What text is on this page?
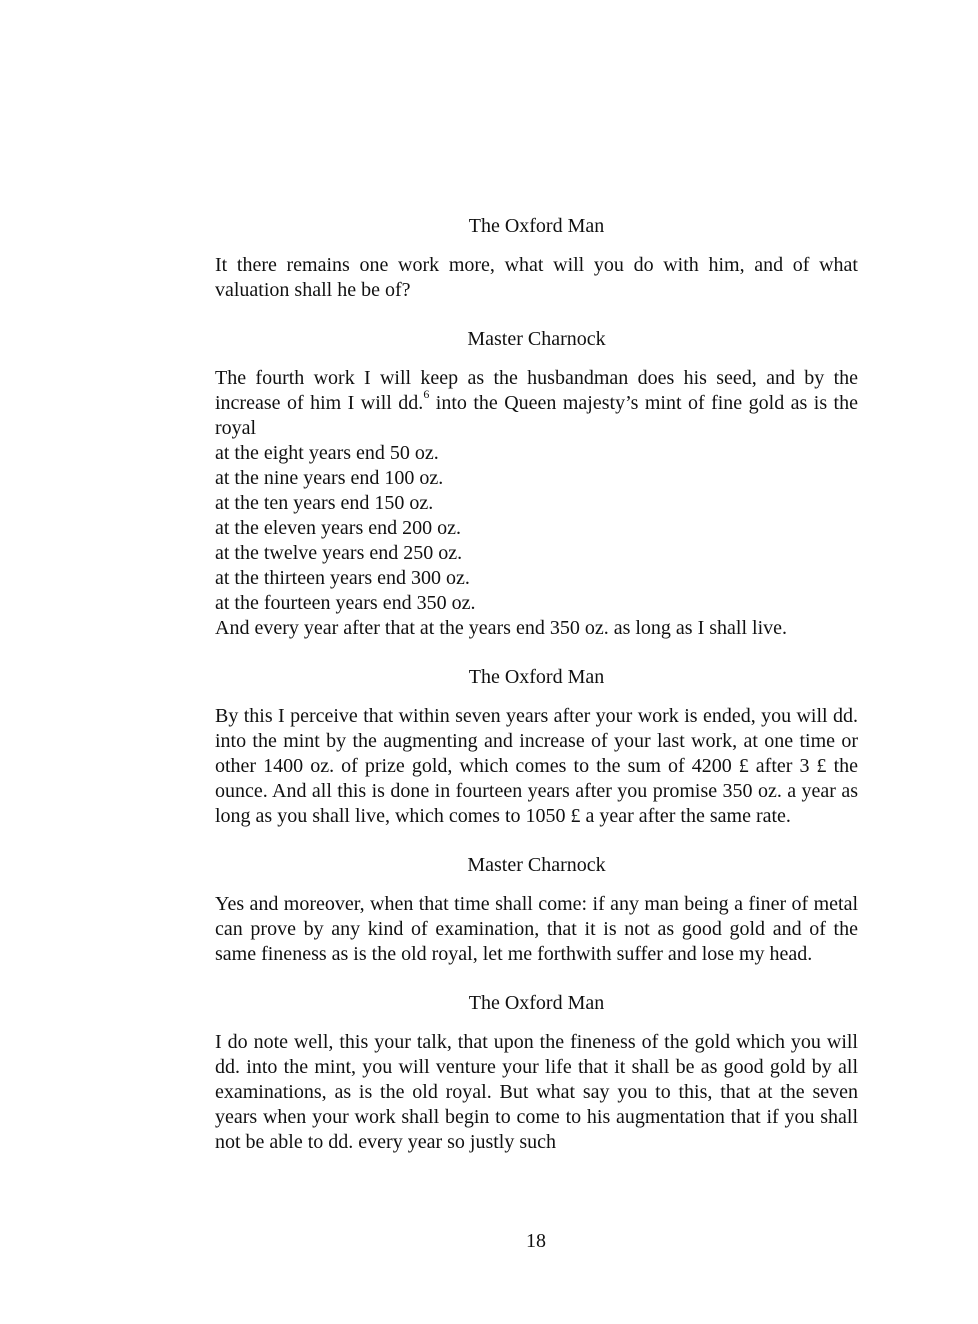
The Oxford Man
It there remains one work more, what will you do with him, and of what valuation shall he be of?
Master Charnock
The fourth work I will keep as the husbandman does his seed, and by the increase of him I will dd.$^6$ into the Queen majesty’s mint of fine gold as is the royal
at the eight years end 50 oz.
at the nine years end 100 oz.
at the ten years end 150 oz.
at the eleven years end 200 oz.
at the twelve years end 250 oz.
at the thirteen years end 300 oz.
at the fourteen years end 350 oz.
And every year after that at the years end 350 oz. as long as I shall live.
The Oxford Man
By this I perceive that within seven years after your work is ended, you will dd. into the mint by the augmenting and increase of your last work, at one time or other 1400 oz. of prize gold, which comes to the sum of 4200 £ after 3 £ the ounce. And all this is done in fourteen years after you promise 350 oz. a year as long as you shall live, which comes to 1050 £ a year after the same rate.
Master Charnock
Yes and moreover, when that time shall come: if any man being a finer of metal can prove by any kind of examination, that it is not as good gold and of the same fineness as is the old royal, let me forthwith suffer and lose my head.
The Oxford Man
I do note well, this your talk, that upon the fineness of the gold which you will dd. into the mint, you will venture your life that it shall be as good gold by all examinations, as is the old royal. But what say you to this, that at the seven years when your work shall begin to come to his augmentation that if you shall not be able to dd. every year so justly such
18
